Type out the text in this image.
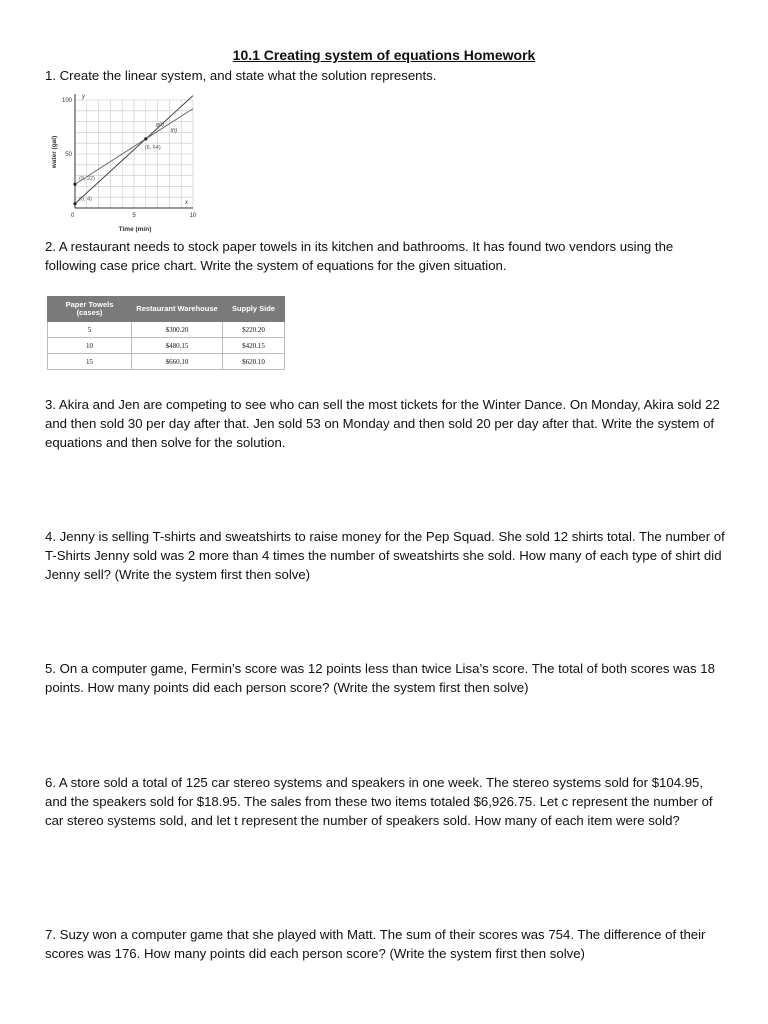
10.1 Creating system of equations Homework
1. Create the linear system, and state what the solution represents.
g(t)
f(t)
0	5	10
50
100
(0, 22)
(6, 64)
(0, 4)
y
x
Time (min)
water (gal)
2. A restaurant needs to stock paper towels in its kitchen and bathrooms. It has found two vendors using the following case price chart. Write the system of equations for the given situation.
Paper Towels (cases)	Restaurant Warehouse	Supply Side
5	$300.20	$220.20
10	$480.15	$420.15
15	$660.10	$620.10
3. Akira and Jen are competing to see who can sell the most tickets for the Winter Dance. On Monday, Akira sold 22 and then sold 30 per day after that. Jen sold 53 on Monday and then sold 20 per day after that. Write the system of equations and then solve for the solution.
4. Jenny is selling T-shirts and sweatshirts to raise money for the Pep Squad. She sold 12 shirts total. The number of T-Shirts Jenny sold was 2 more than 4 times the number of sweatshirts she sold. How many of each type of shirt did Jenny sell? (Write the system first then solve)
5. On a computer game, Fermin’s score was 12 points less than twice Lisa’s score. The total of both scores was 18 points. How many points did each person score? (Write the system first then solve)
6. A store sold a total of 125 car stereo systems and speakers in one week. The stereo systems sold for $104.95, and the speakers sold for $18.95. The sales from these two items totaled $6,926.75. Let c represent the number of car stereo systems sold, and let t represent the number of speakers sold. How many of each item were sold?
7. Suzy won a computer game that she played with Matt. The sum of their scores was 754. The difference of their scores was 176. How many points did each person score? (Write the system first then solve)
